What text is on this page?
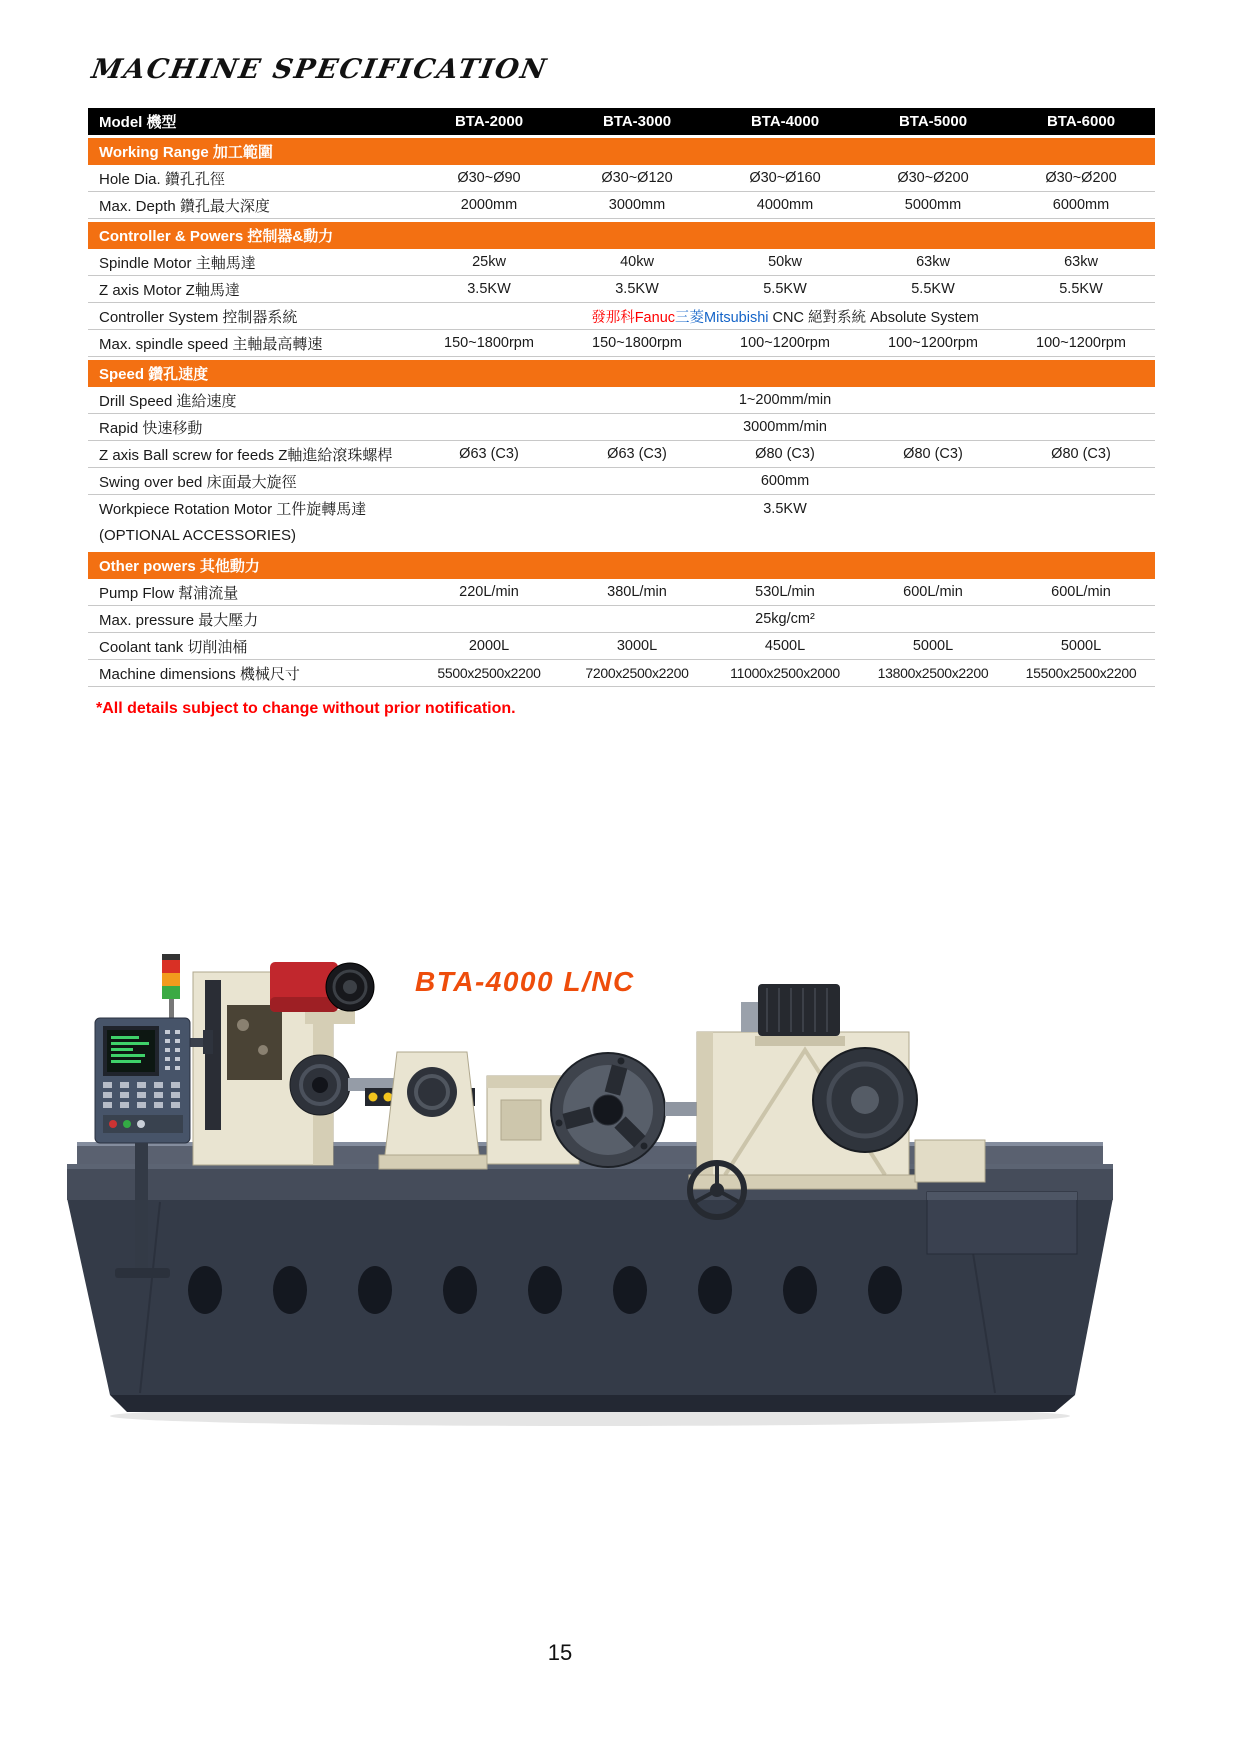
MACHINE SPECIFICATION
Model 機型	BTA-2000	BTA-3000	BTA-4000	BTA-5000	BTA-6000
Working Range 加工範圍
Hole Dia. 鑽孔孔徑	Ø30~Ø90	Ø30~Ø120	Ø30~Ø160	Ø30~Ø200	Ø30~Ø200
Max. Depth 鑽孔最大深度	2000mm	3000mm	4000mm	5000mm	6000mm
Controller & Powers 控制器&動力
Spindle Motor 主軸馬達	25kw	40kw	50kw	63kw	63kw
Z axis Motor Z軸馬達	3.5KW	3.5KW	5.5KW	5.5KW	5.5KW
Controller System 控制器系統	發那科Fanuc三菱Mitsubishi CNC 絕對系統 Absolute System
Max. spindle speed 主軸最高轉速	150~1800rpm	150~1800rpm	100~1200rpm	100~1200rpm	100~1200rpm
Speed 鑽孔速度
Drill Speed 進給速度	1~200mm/min
Rapid 快速移動	3000mm/min
Z axis Ball screw for feeds Z軸進給滾珠螺桿	Ø63 (C3)	Ø63 (C3)	Ø80 (C3)	Ø80 (C3)	Ø80 (C3)
Swing over bed 床面最大旋徑	600mm
Workpiece Rotation Motor 工件旋轉馬達	3.5KW
(OPTIONAL ACCESSORIES)
Other powers 其他動力
Pump Flow 幫浦流量	220L/min	380L/min	530L/min	600L/min	600L/min
Max. pressure 最大壓力	25kg/cm²
Coolant tank 切削油桶	2000L	3000L	4500L	5000L	5000L
Machine dimensions 機械尺寸	5500x2500x2200	7200x2500x2200	11000x2500x2000	13800x2500x2200	15500x2500x2200
*All details subject to change without prior notification.
BTA-4000 L/NC
15
